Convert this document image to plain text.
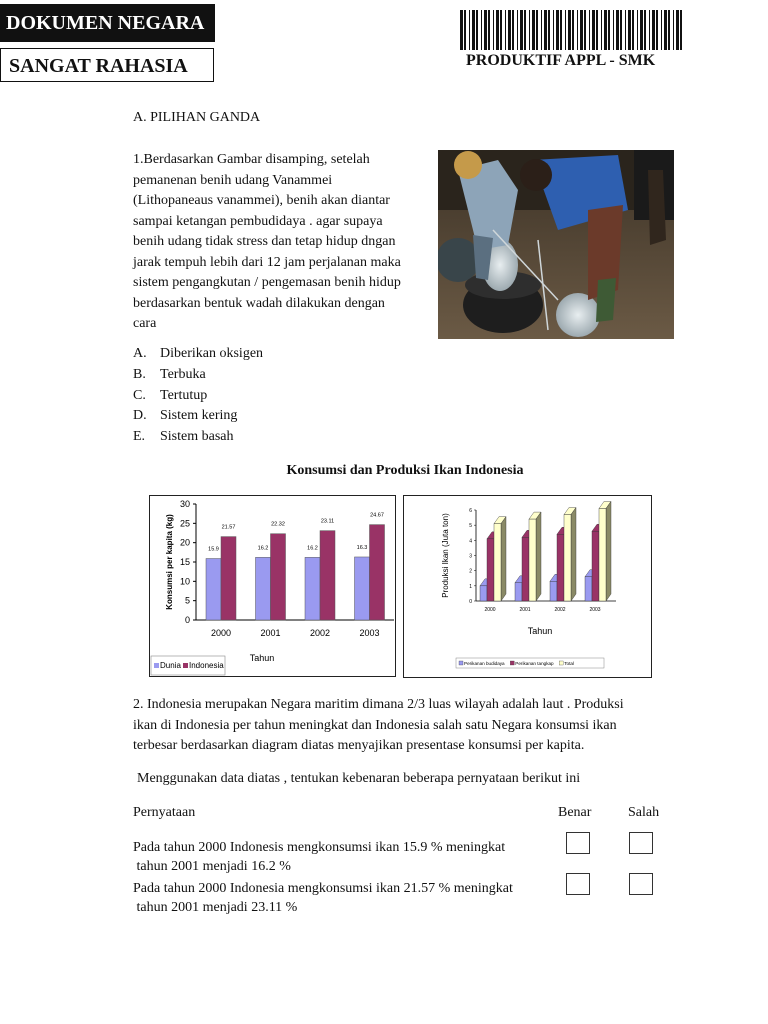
DOKUMEN NEGARA
SANGAT RAHASIA	PRODUKTIF APPL - SMK
A. PILIHAN GANDA
1.Berdasarkan Gambar disamping, setelah
pemanenan benih udang Vanammei
(Lithopaneaus vanammei), benih akan diantar
sampai ketangan pembudidaya . agar supaya
benih udang tidak stress dan tetap hidup dngan
jarak tempuh lebih dari 12 jam perjalanan maka
sistem pengangkutan / pengemasan benih hidup
berdasarkan bentuk wadah dilakukan dengan
cara
A. Diberikan oksigen
B. Terbuka
C. Tertutup
D. Sistem kering
E. Sistem basah
Konsumsi dan Produksi Ikan Indonesia
0
5
10
15
20
25
30
Konsumsi per kapita (kg)	15.9
21.57
2000
16.2
22.32
2001
16.2
23.11
2002
16.3
24.67
2003
Tahun
Dunia Indonesia
0
1
2
3
4
5
6
Produksi Ikan (Juta ton)
2000	2001	2002	2003
Tahun
Perikanan budidaya Perikanan tangkap Total
2. Indonesia merupakan Negara maritim dimana 2/3 luas wilayah adalah laut . Produksi
ikan di Indonesia per tahun meningkat dan Indonesia salah satu Negara konsumsi ikan
terbesar berdasarkan diagram diatas menyajikan presentase konsumsi per kapita.
Menggunakan data diatas , tentukan kebenaran beberapa pernyataan berikut ini
Pernyataan	Benar	Salah
Pada tahun 2000 Indonesis mengkonsumsi ikan 15.9 % meningkat
tahun 2001 menjadi 16.2 %
Pada tahun 2000 Indonesia mengkonsumsi ikan 21.57 % meningkat
tahun 2001 menjadi 23.11 %
